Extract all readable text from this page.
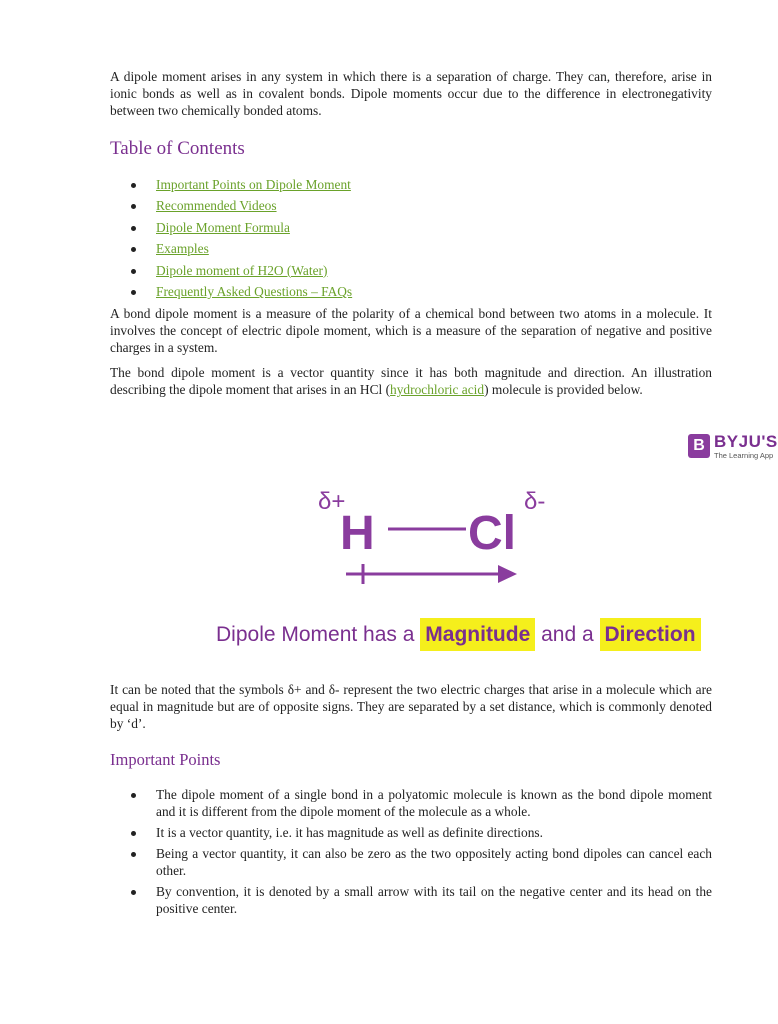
A dipole moment arises in any system in which there is a separation of charge. They can, therefore, arise in ionic bonds as well as in covalent bonds. Dipole moments occur due to the difference in electronegativity between two chemically bonded atoms.

Table of Contents
Important Points on Dipole Moment
Recommended Videos
Dipole Moment Formula
Examples
Dipole moment of H2O (Water)
Frequently Asked Questions – FAQs

A bond dipole moment is a measure of the polarity of a chemical bond between two atoms in a molecule. It involves the concept of electric dipole moment, which is a measure of the separation of negative and positive charges in a system.

The bond dipole moment is a vector quantity since it has both magnitude and direction. An illustration describing the dipole moment that arises in an HCl (hydrochloric acid) molecule is provided below.

It can be noted that the symbols δ+ and δ- represent the two electric charges that arise in a molecule which are equal in magnitude but are of opposite signs. They are separated by a set distance, which is commonly denoted by ‘d’.

Important Points
The dipole moment of a single bond in a polyatomic molecule is known as the bond dipole moment and it is different from the dipole moment of the molecule as a whole.
It is a vector quantity, i.e. it has magnitude as well as definite directions.
Being a vector quantity, it can also be zero as the two oppositely acting bond dipoles can cancel each other.
By convention, it is denoted by a small arrow with its tail on the negative center and its head on the positive center.
B BYJU'S
The Learning App
δ+
H Cl
δ-
Dipole Moment has a Magnitude and a Direction
